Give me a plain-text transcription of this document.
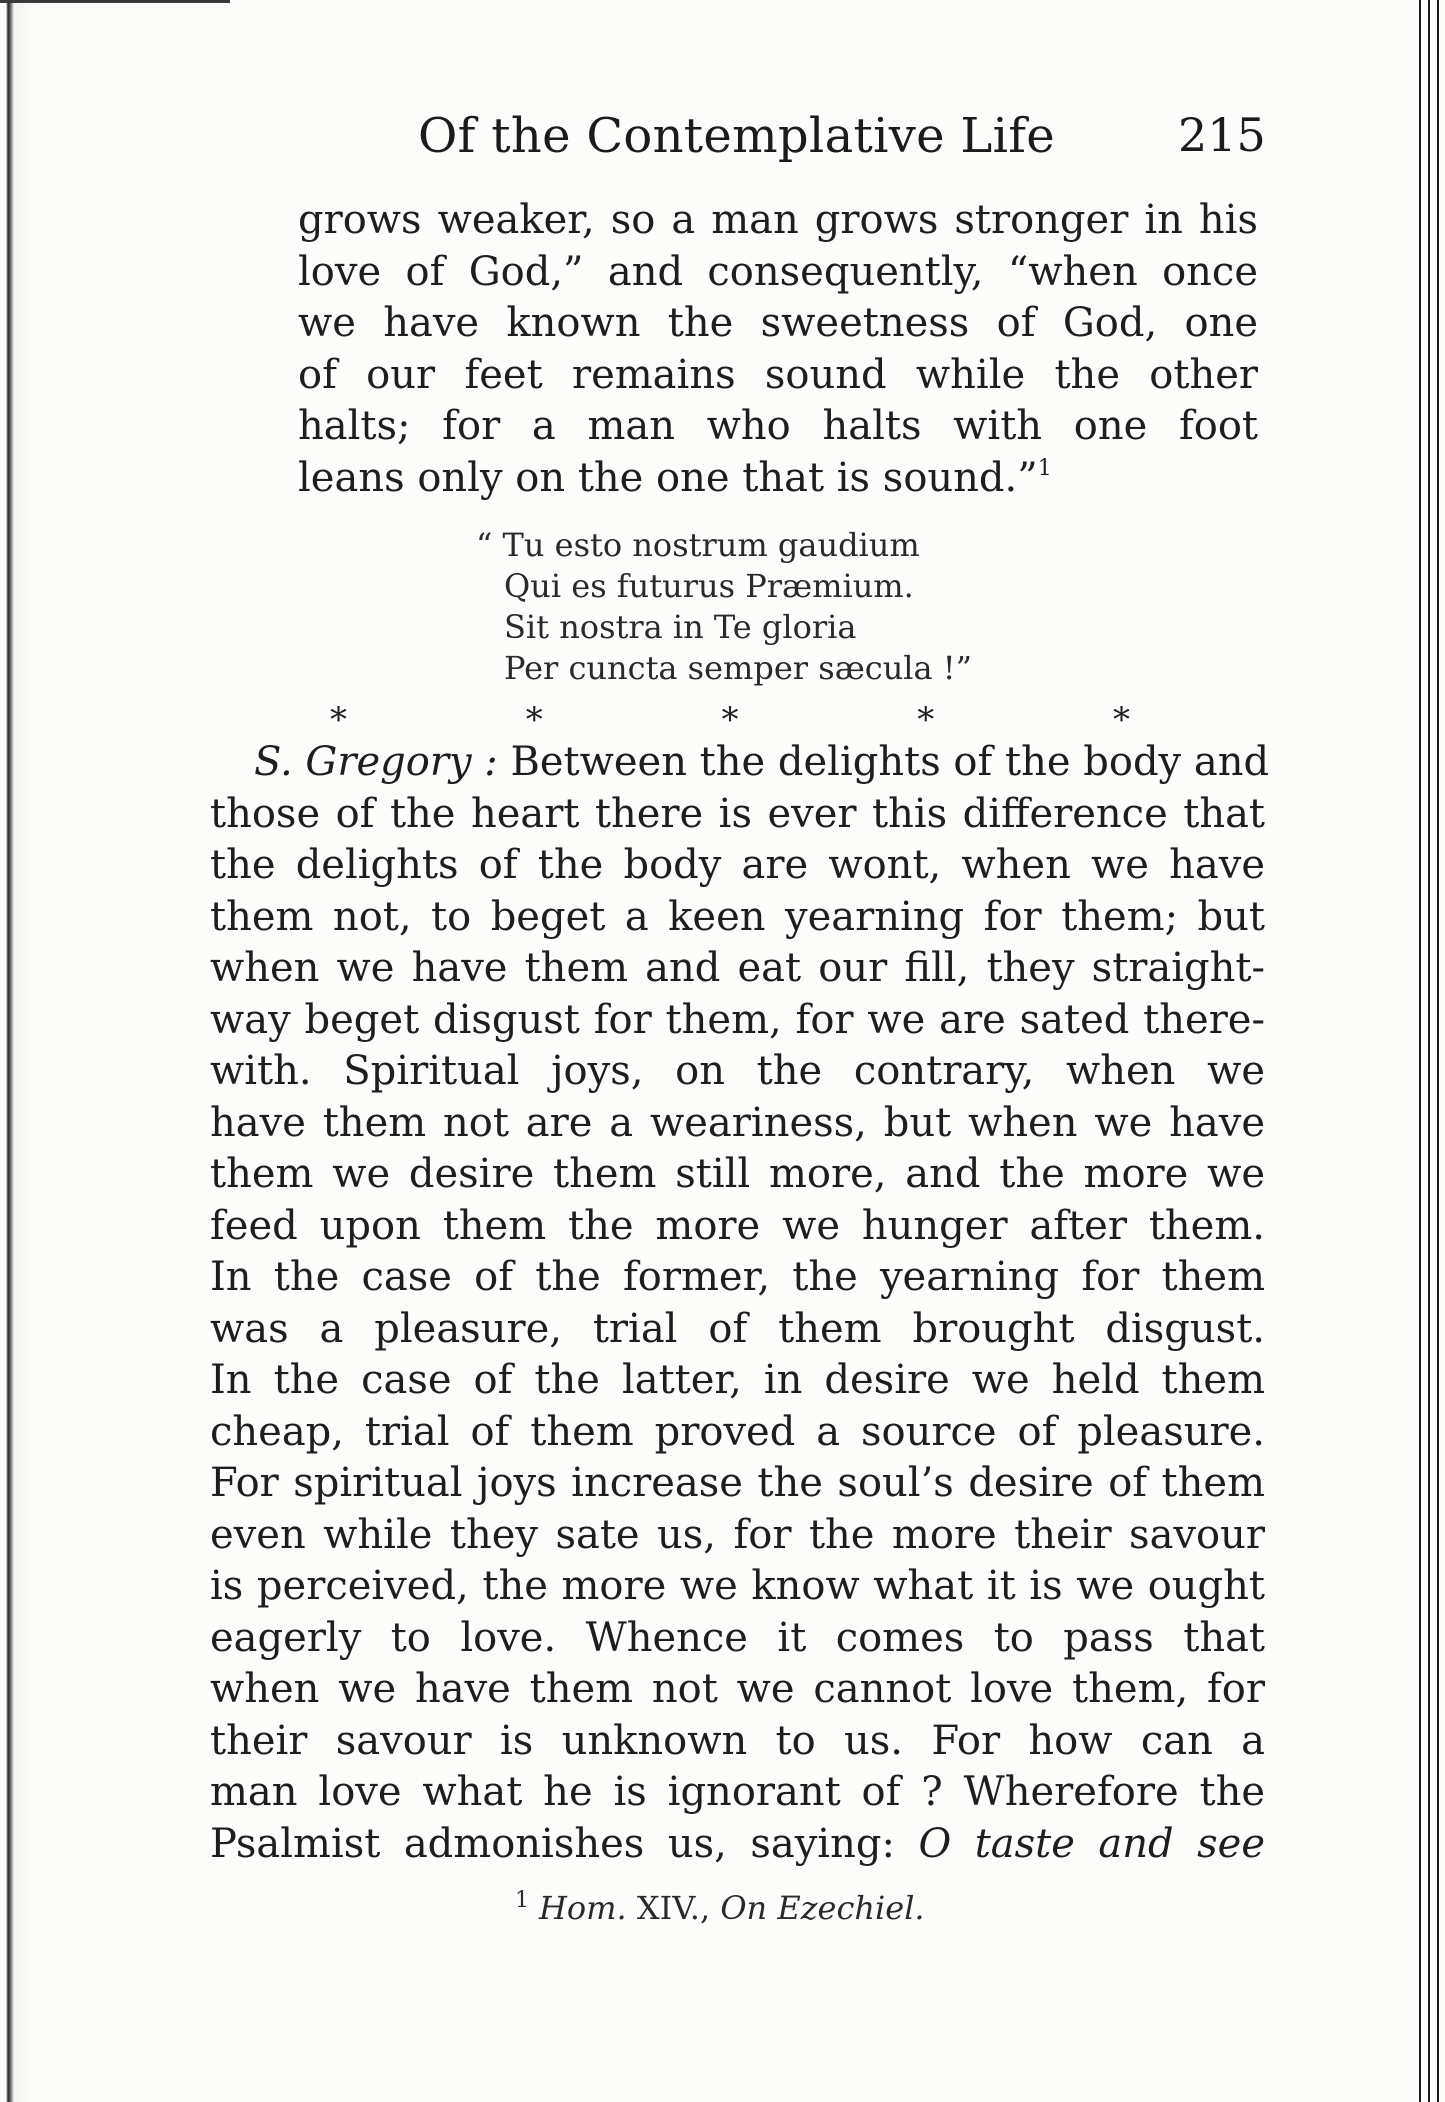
Of the Contemplative Life	215
grows weaker, so a man grows stronger in his
love of God,” and consequently, “when once
we have known the sweetness of God, one
of our feet remains sound while the other
halts; for a man who halts with one foot
leans only on the one that is sound.”$^1$
“ Tu esto nostrum gaudium
Qui es futurus Præmium.
Sit nostra in Te gloria
Per cuncta semper sæcula !”
*	*	*	*	*
S. Gregory : Between the delights of the body and
those of the heart there is ever this difference that
the delights of the body are wont, when we have
them not, to beget a keen yearning for them; but
when we have them and eat our fill, they straight-
way beget disgust for them, for we are sated there-
with. Spiritual joys, on the contrary, when we
have them not are a weariness, but when we have
them we desire them still more, and the more we
feed upon them the more we hunger after them.
In the case of the former, the yearning for them
was a pleasure, trial of them brought disgust.
In the case of the latter, in desire we held them
cheap, trial of them proved a source of pleasure.
For spiritual joys increase the soul’s desire of them
even while they sate us, for the more their savour
is perceived, the more we know what it is we ought
eagerly to love. Whence it comes to pass that
when we have them not we cannot love them, for
their savour is unknown to us. For how can a
man love what he is ignorant of ? Wherefore the
Psalmist admonishes us, saying: O taste and see
$^1$ Hom. XIV., On Ezechiel.
